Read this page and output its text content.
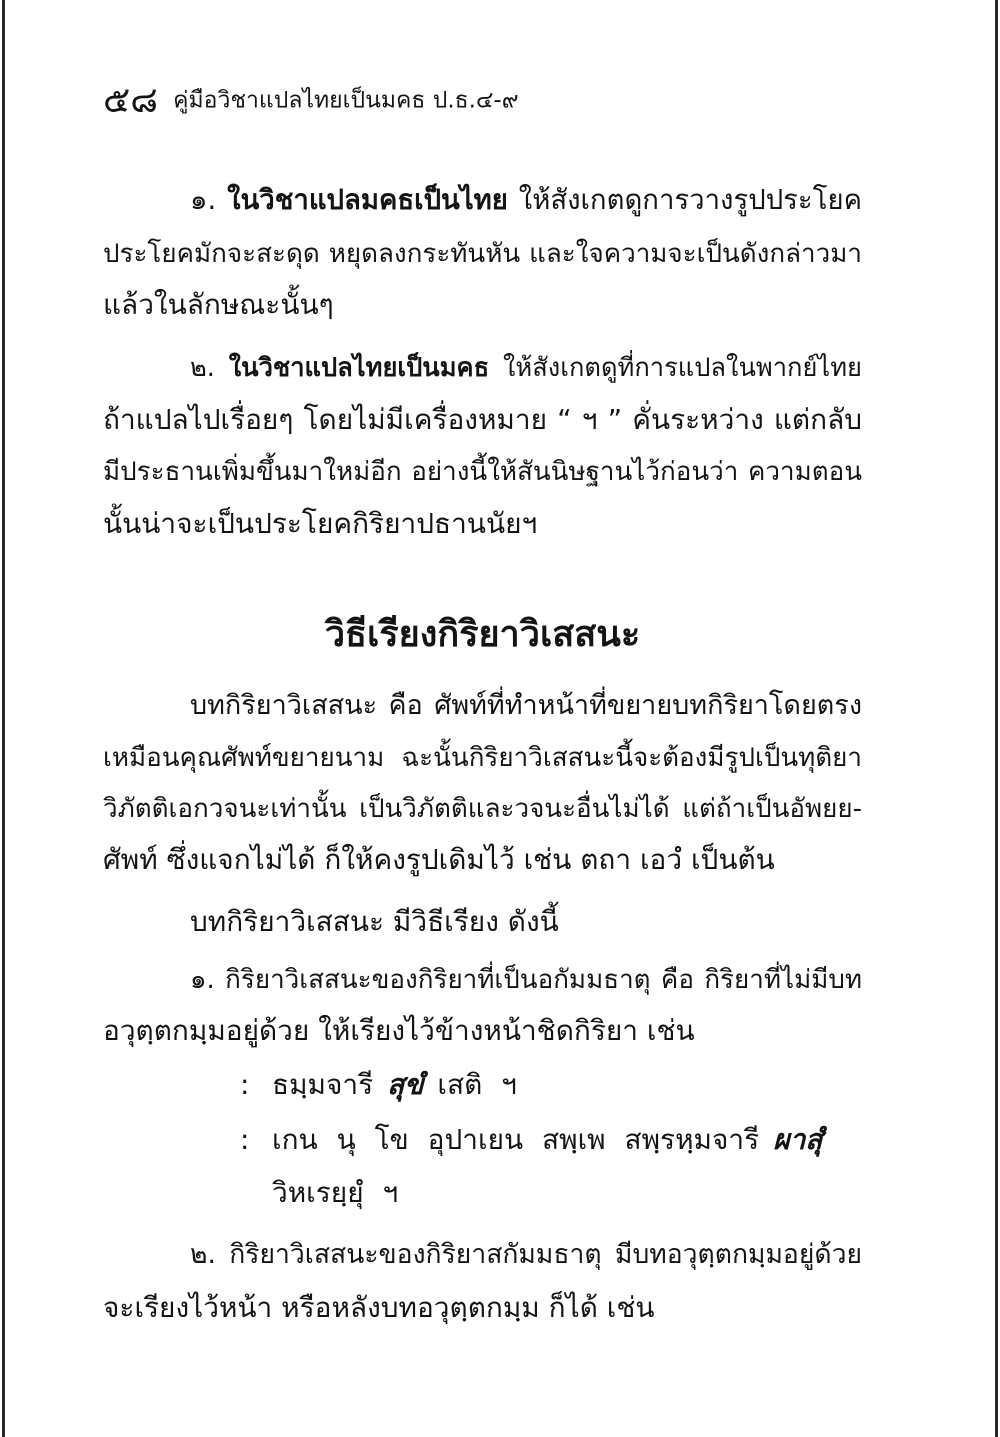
๕๘ คู่มือวิชาแปลไทยเป็นมคธ ป.ธ.๔-๙
๑. ในวิชาแปลมคธเป็นไทย ให้สังเกตดูการวางรูปประโยค
ประโยคมักจะสะดุด หยุดลงกระทันหัน และใจความจะเป็นดังกล่าวมา
แล้วในลักษณะนั้นๆ
๒. ในวิชาแปลไทยเป็นมคธ ให้สังเกตดูที่การแปลในพากย์ไทย
ถ้าแปลไปเรื่อยๆ โดยไม่มีเครื่องหมาย “ ฯ ” คั่นระหว่าง แต่กลับ
มีประธานเพิ่มขึ้นมาใหม่อีก อย่างนี้ให้สันนิษฐานไว้ก่อนว่า ความตอน
นั้นน่าจะเป็นประโยคกิริยาปธานนัยฯ
วิธีเรียงกิริยาวิเสสนะ
บทกิริยาวิเสสนะ คือ ศัพท์ที่ทำหน้าที่ขยายบทกิริยาโดยตรง
เหมือนคุณศัพท์ขยายนาม ฉะนั้นกิริยาวิเสสนะนี้จะต้องมีรูปเป็นทุติยา
วิภัตติเอกวจนะเท่านั้น เป็นวิภัตติและวจนะอื่นไม่ได้ แต่ถ้าเป็นอัพยย-
ศัพท์ ซึ่งแจกไม่ได้ ก็ให้คงรูปเดิมไว้ เช่น ตถา เอวํ เป็นต้น
บทกิริยาวิเสสนะ มีวิธีเรียง ดังนี้
๑. กิริยาวิเสสนะของกิริยาที่เป็นอกัมมธาตุ คือ กิริยาที่ไม่มีบท
อวุตฺตกมฺมอยู่ด้วย ให้เรียงไว้ข้างหน้าชิดกิริยา เช่น
: ธมฺมจารี สุขํ เสติ ฯ
: เกน นุ โข อุปาเยน สพฺเพ สพฺรหฺมจารี ผาสุํ
วิหเรยฺยุํ ฯ
๒. กิริยาวิเสสนะของกิริยาสกัมมธาตุ มีบทอวุตฺตกมฺมอยู่ด้วย
จะเรียงไว้หน้า หรือหลังบทอวุตฺตกมฺม ก็ได้ เช่น
